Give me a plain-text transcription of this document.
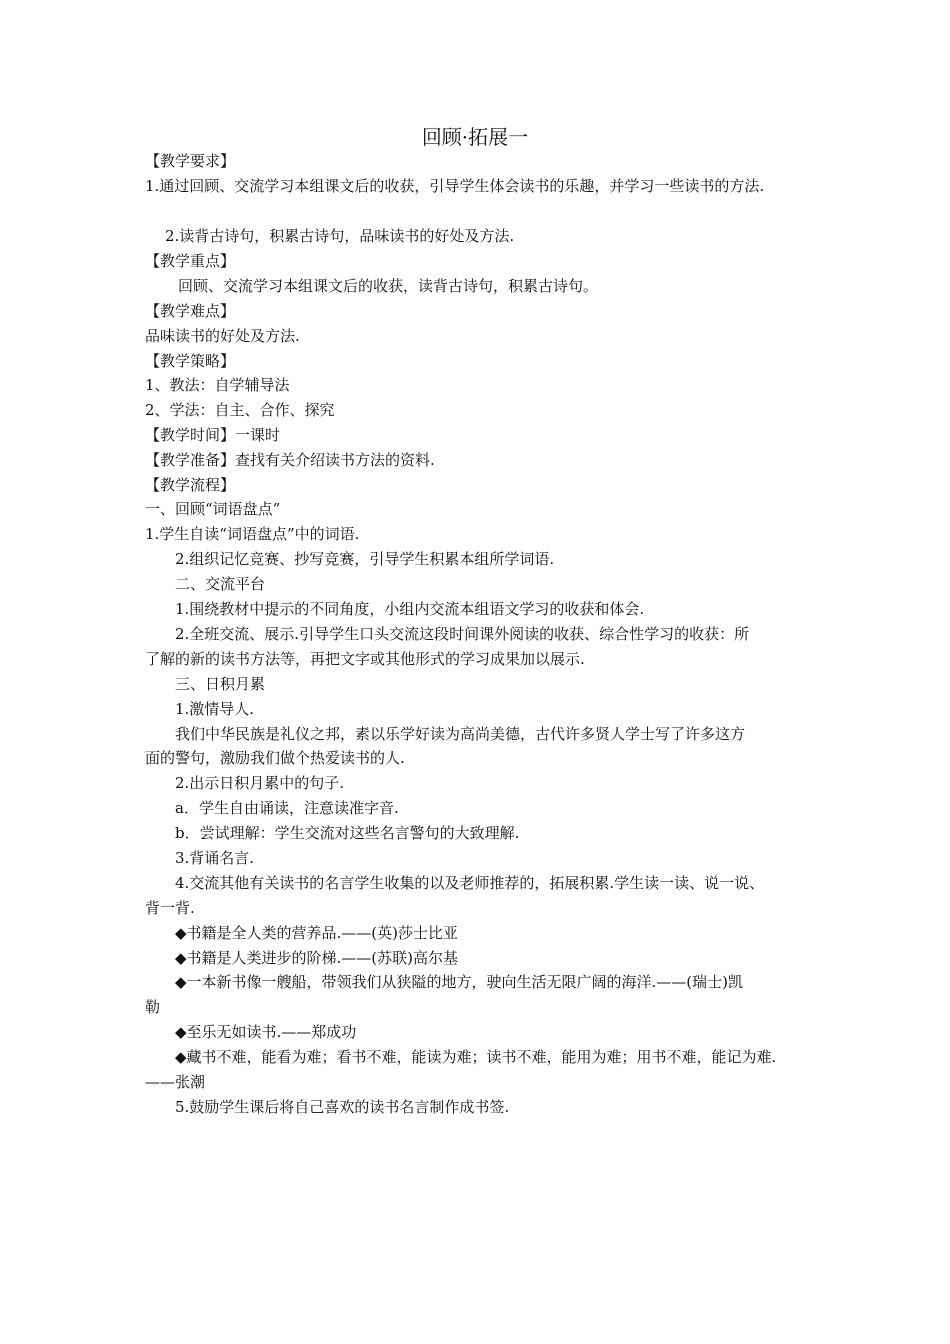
回顾·拓展一
【教学要求】
1.通过回顾、交流学习本组课文后的收获，引导学生体会读书的乐趣，并学习一些读书的方法.
2.读背古诗句，积累古诗句，品味读书的好处及方法.
【教学重点】
回顾、交流学习本组课文后的收获，读背古诗句，积累古诗句。
【教学难点】
品味读书的好处及方法.
【教学策略】
1、教法：自学辅导法
2、学法：自主、合作、探究
【教学时间】一课时
【教学准备】查找有关介绍读书方法的资料.
【教学流程】
一、回顾“词语盘点”
1.学生自读“词语盘点”中的词语.
2.组织记忆竞赛、抄写竞赛，引导学生积累本组所学词语.
二、交流平台
1.围绕教材中提示的不同角度，小组内交流本组语文学习的收获和体会.
2.全班交流、展示.引导学生口头交流这段时间课外阅读的收获、综合性学习的收获：所
了解的新的读书方法等，再把文字或其他形式的学习成果加以展示.
三、日积月累
1.激情导人.
我们中华民族是礼仪之邦，素以乐学好读为高尚美德，古代许多贤人学士写了许多这方
面的警句，激励我们做个热爱读书的人.
2.出示日积月累中的句子.
a．学生自由诵读，注意读准字音.
b．尝试理解：学生交流对这些名言警句的大致理解.
3.背诵名言.
4.交流其他有关读书的名言学生收集的以及老师推荐的，拓展积累.学生读一读、说一说、
背一背.
◆书籍是全人类的营养品.——(英)莎士比亚
◆书籍是人类进步的阶梯.——(苏联)高尔基
◆一本新书像一艘船，带领我们从狭隘的地方，驶向生活无限广阔的海洋.——(瑞士)凯
勒
◆至乐无如读书.——郑成功
◆藏书不难，能看为难；看书不难，能读为难；读书不难，能用为难；用书不难，能记为难.
——张潮
5.鼓励学生课后将自己喜欢的读书名言制作成书签.
